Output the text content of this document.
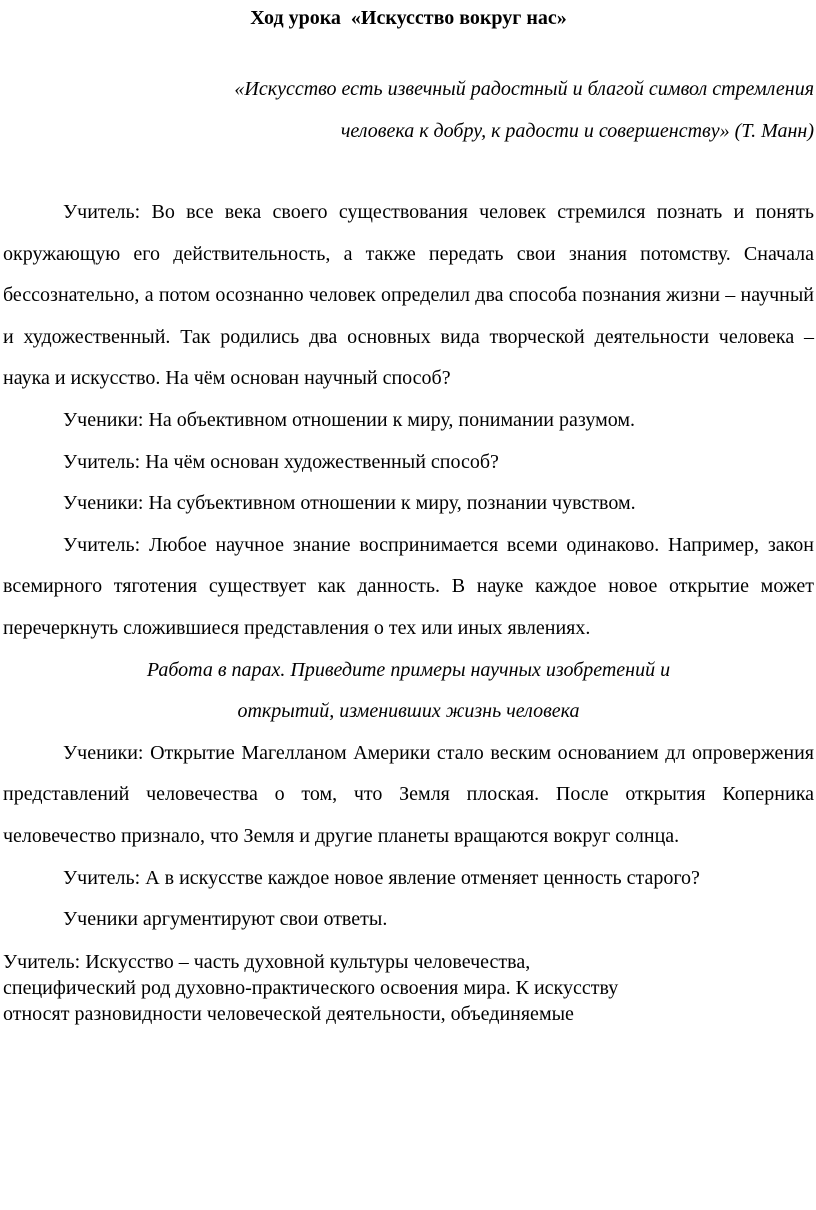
Ход урока  «Искусство вокруг нас»
«Искусство есть извечный радостный и благой символ стремления
человека к добру, к радости и совершенству» (Т. Манн)

Учитель: Во все века своего существования человек стремился познать и понять окружающую его действительность, а также передать свои знания потомству. Сначала бессознательно, а потом осознанно человек определил два способа познания жизни – научный и художественный. Так родились два основных вида творческой деятельности человека – наука и искусство. На чём основан научный способ?

Ученики: На объективном отношении к миру, понимании разумом.

Учитель: На чём основан художественный способ?

Ученики: На субъективном отношении к миру, познании чувством.

Учитель: Любое научное знание воспринимается всеми одинаково. Например, закон всемирного тяготения существует как данность. В науке каждое новое открытие может перечеркнуть сложившиеся представления о тех или иных явлениях.

Работа в парах. Приведите примеры научных изобретений и
открытий, изменивших жизнь человека

Ученики: Открытие Магелланом Америки стало веским основанием дл опровержения представлений человечества о том, что Земля плоская. После открытия Коперника человечество признало, что Земля и другие планеты вращаются вокруг солнца.

Учитель: А в искусстве каждое новое явление отменяет ценность старого?

Ученики аргументируют свои ответы.

Учитель: Искусство – часть духовной культуры человечества,
специфический род духовно-практического освоения мира. К искусству
относят разновидности человеческой деятельности, объединяемые
